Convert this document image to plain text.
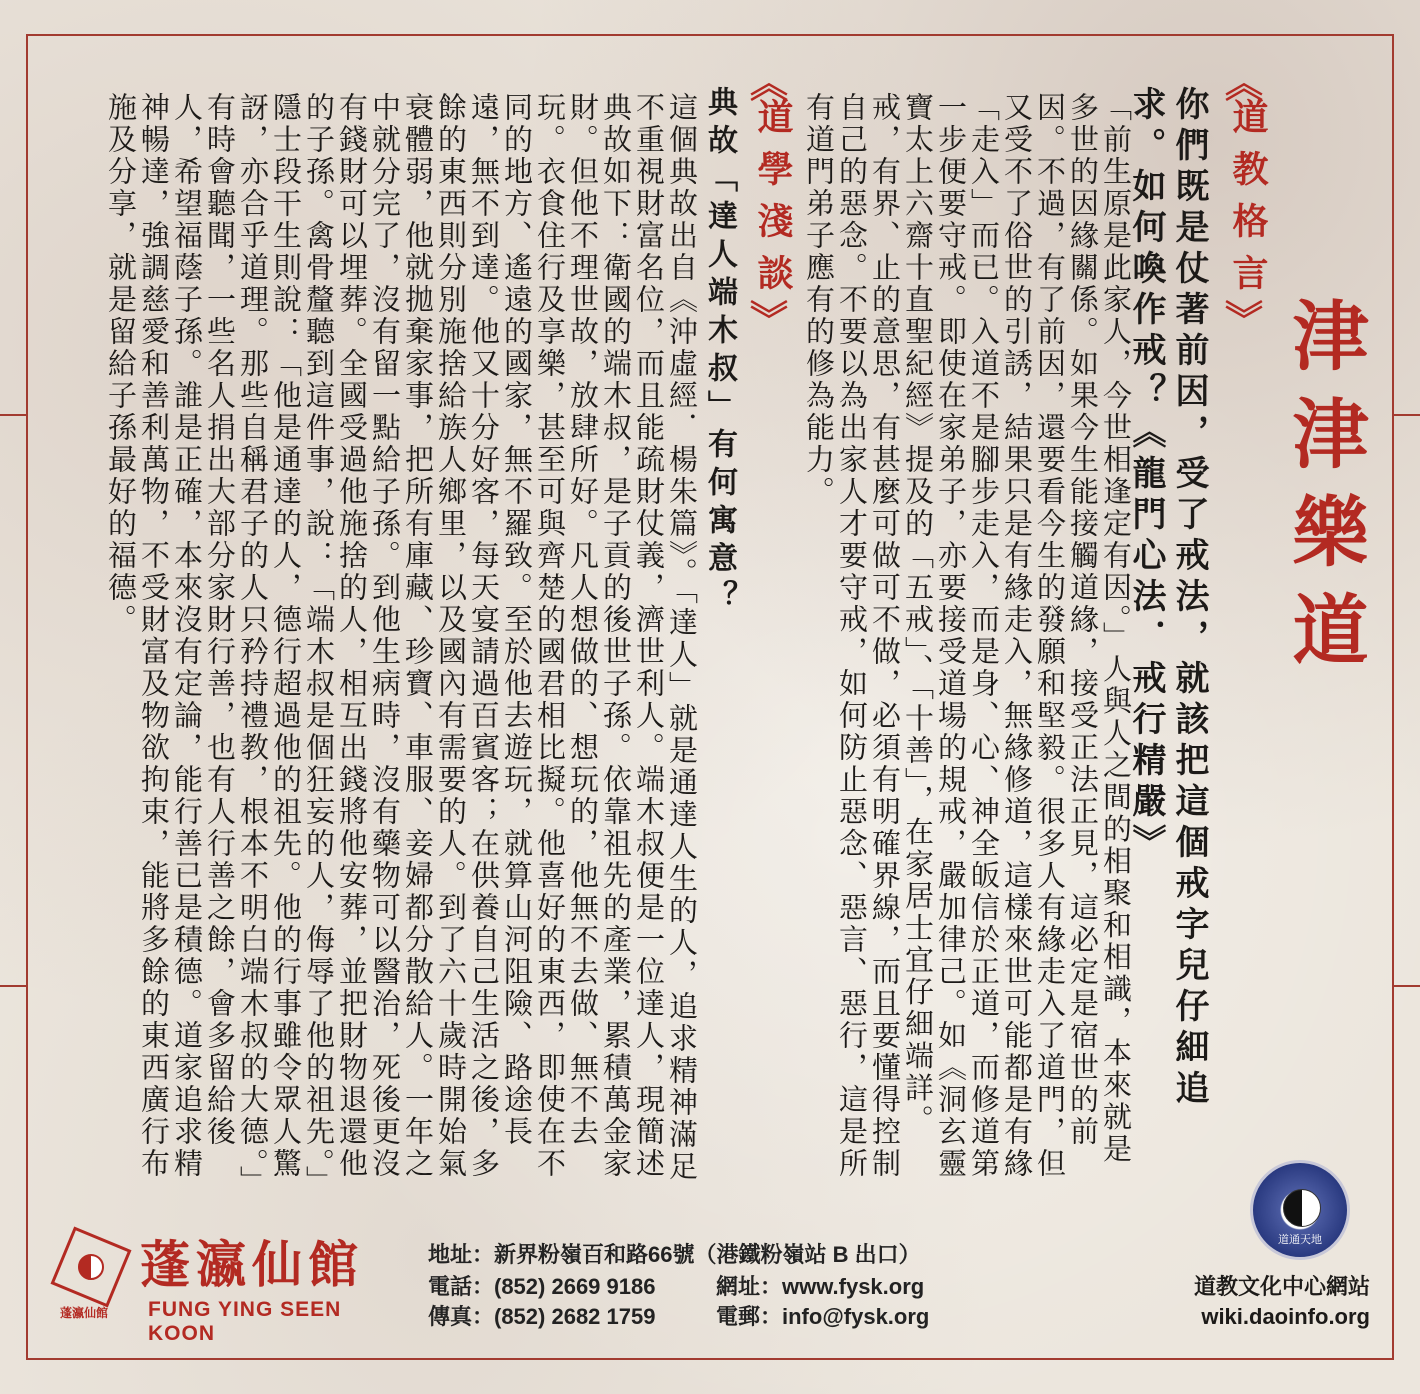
津津樂道
︽
道教格言
︾
你們既是仗著前因，受了戒法，就該把這個戒字兒仔細追求。如何喚作戒？《龍門心法．戒行精嚴》
「前生原是此家人，今世相逢定有因。」人與人之間的相聚和相識，本來就是多世的因緣關係。如果今生能接觸道緣，接受正法正見，這必定是宿世的前因。不過，有了前因，還要看今生的發願和堅毅。很多人有緣走入了道門，但又受不了俗世的引誘，結果只是有緣走入，無緣修道，這樣來世可能都是有緣「走入」而已。入道不是腳步走入，而是身、心、神全皈信於正道，而修道第一步便要守戒。即使在家弟子，亦要接受道場的規戒，嚴加律己。如《洞玄靈寶太上六齋十直聖紀經》提及的「五戒」、「十善」，在家居士宜仔細端詳。戒，有界、止的意思，有甚麼可做可不做，必須有明確界線，而且要懂得控制自己的惡念。不要以為出家人才要守戒，如何防止惡念、惡言、惡行，這是所有道門弟子應有的修為能力。
︽
道學淺談
︾
典故「達人端木叔」有何寓意？
這個典故出自《沖虛經．楊朱篇》。「達人」就是通達人生的人，追求精神滿足不重視財富名位，而且能疏財仗義，濟世利人。端木叔便是一位達人，現簡述典故如下：衛國的端木叔，是子貢的後世子孫。依靠祖先的產業，累積萬金家財。但他不理世故，放肆所好。凡人想做的、想玩的，他無不去做、無不去玩。衣食住行及享樂，甚至可與齊楚的國君相比擬。他喜好的東西，即使在不同的地方、遙遠的國家，無不羅致。至於他去遊玩，就算山河阻險、路途長遠，無不到達。他又十分好客，每天宴請過百賓客；在供養自己生活之後，多餘的東西則分別施捨給族人鄉里，以及國內有需要的人。到了六十歲時開始氣衰體弱，他就拋棄家事，把所有庫藏、珍寶、車服、妾婦都分散給人。一年之中就分完了，沒有留一點給子孫。到他生病時，沒有藥物可以醫治，死後更沒有錢財可以埋葬。全國受過他施捨的人，相互出錢將他安葬，並把財物退還他的子孫。禽骨釐聽到這件事，說：「端木叔是個狂妄的人，侮辱了他的祖先。」隱士段干生則說：「他是通達的人，德行超過他的祖先。他的行事雖令眾人驚訝，亦合乎道理。那些自稱君子的人只矜持禮教，根本不明白端木叔的大德。」有時會聽聞，一些名人捐出大部分家財行善，也有人行善之餘，會多留給後人，希望福蔭子孫。誰是正確，本來沒有定論，能行善已是積德。道家追求精神暢達，強調慈愛和善利萬物，不受財富及物欲拘束，能將多餘的東西廣行布施及分享，就是留給子孫最好的福德。
蓬瀛仙館
蓬瀛仙館 FUNG YING SEEN KOON
地址：新界粉嶺百和路66號（港鐵粉嶺站 B 出口）
電話：(852) 2669 9186
傳真：(852) 2682 1759
網址：www.fysk.org
電郵：info@fysk.org
道通天地
道教文化中心網站
wiki.daoinfo.org
